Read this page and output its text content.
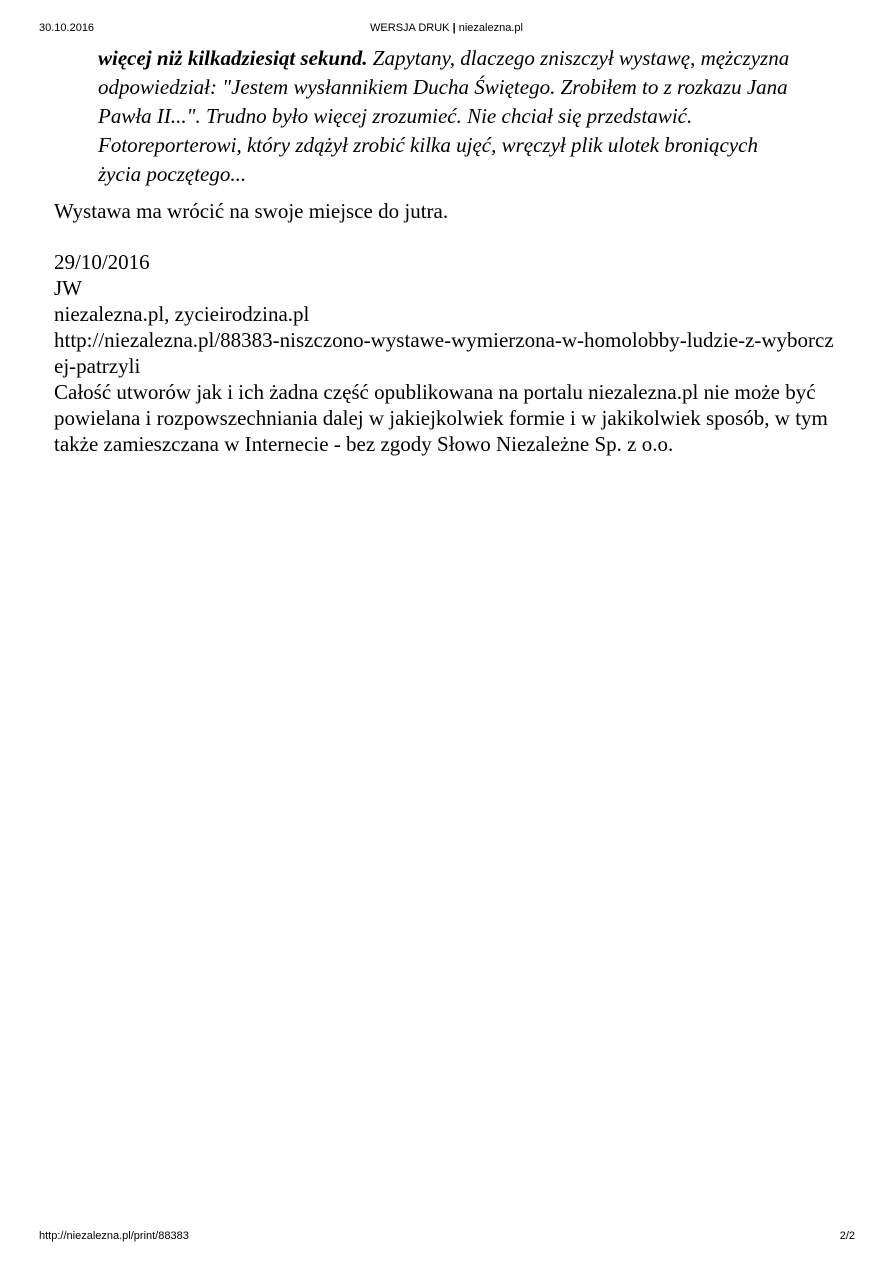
30.10.2016	WERSJA DRUK | niezalezna.pl

więcej niż kilkadziesiąt sekund. Zapytany, dlaczego zniszczył wystawę, mężczyzna odpowiedział: "Jestem wysłannikiem Ducha Świętego. Zrobiłem to z rozkazu Jana Pawła II...". Trudno było więcej zrozumieć. Nie chciał się przedstawić. Fotoreporterowi, który zdążył zrobić kilka ujęć, wręczył plik ulotek broniących życia poczętego...

Wystawa ma wrócić na swoje miejsce do jutra.

29/10/2016
JW
niezalezna.pl, zycieirodzina.pl
http://niezalezna.pl/88383-niszczono-wystawe-wymierzona-w-homolobby-ludzie-z-wyborczej-patrzyli
Całość utworów jak i ich żadna część opublikowana na portalu niezalezna.pl nie może być powielana i rozpowszechniania dalej w jakiejkolwiek formie i w jakikolwiek sposób, w tym także zamieszczana w Internecie - bez zgody Słowo Niezależne Sp. z o.o.
http://niezalezna.pl/print/88383	2/2
